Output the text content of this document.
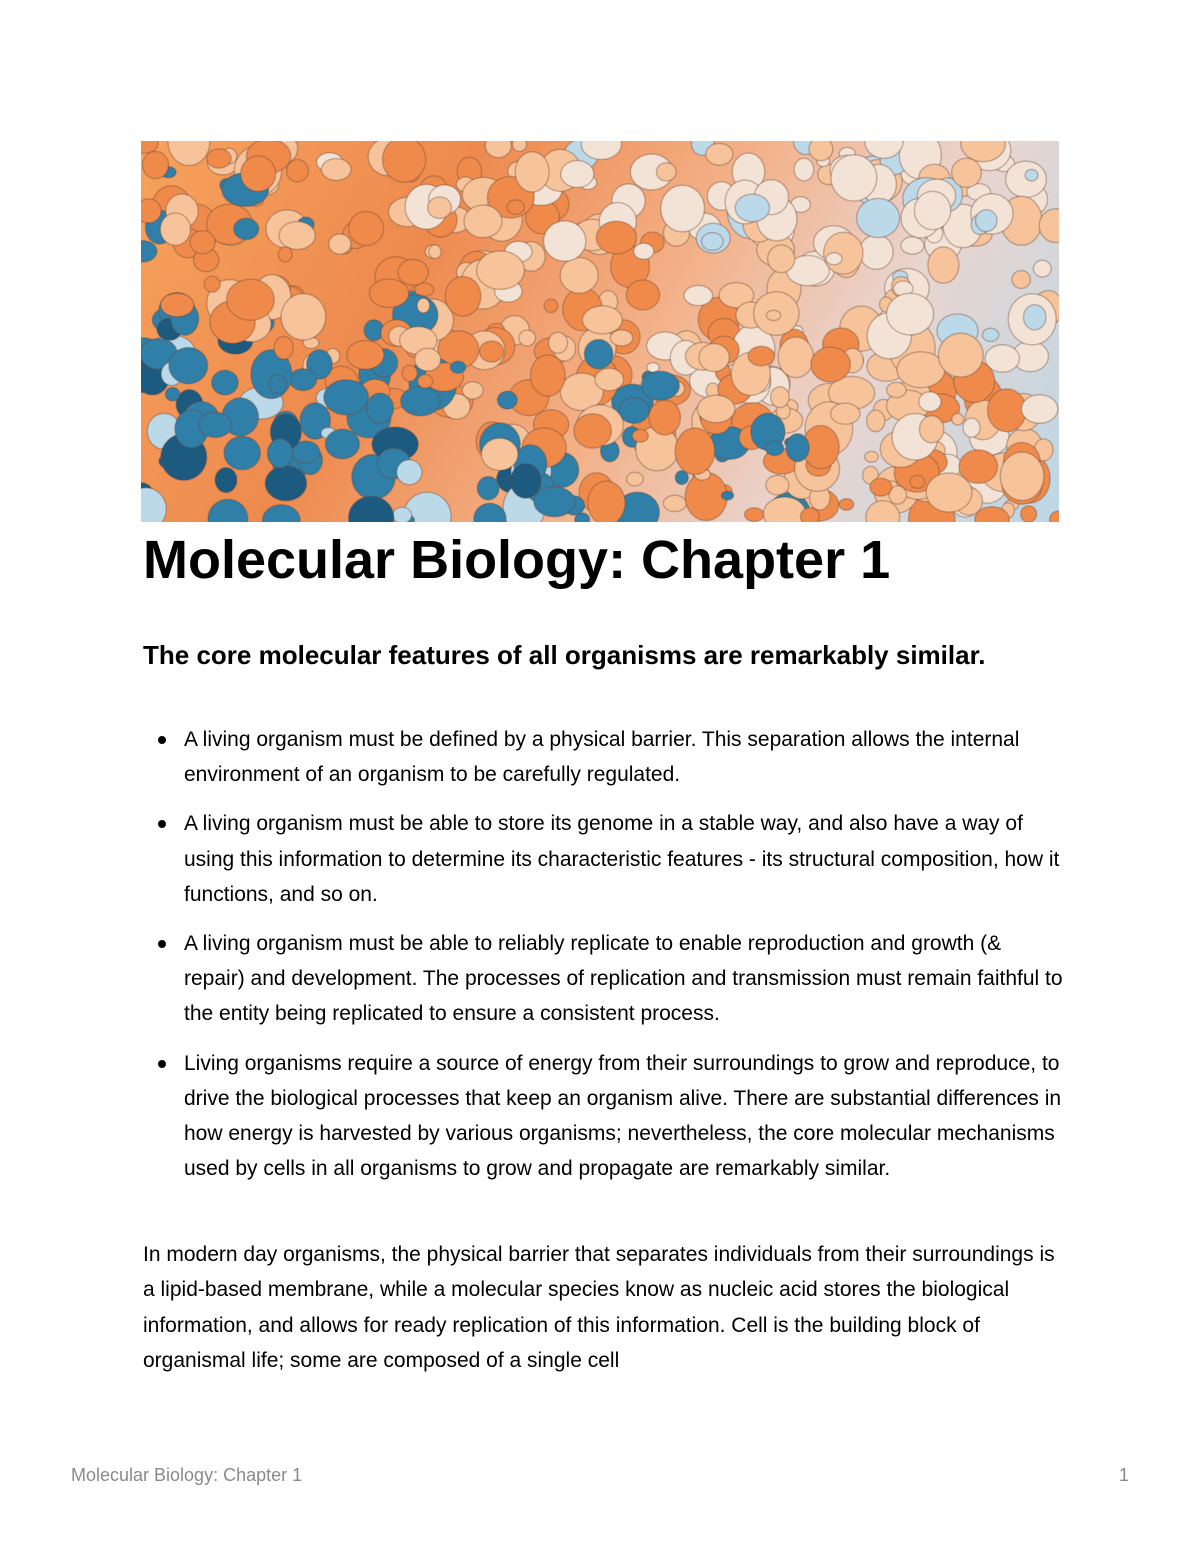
Molecular Biology: Chapter 1
The core molecular features of all organisms are remarkably similar.
A living organism must be defined by a physical barrier. This separation allows the internal environment of an organism to be carefully regulated.
A living organism must be able to store its genome in a stable way, and also have a way of using this information to determine its characteristic features - its structural composition, how it functions, and so on.
A living organism must be able to reliably replicate to enable reproduction and growth (& repair) and development. The processes of replication and transmission must remain faithful to the entity being replicated to ensure a consistent process.
Living organisms require a source of energy from their surroundings to grow and reproduce, to drive the biological processes that keep an organism alive. There are substantial differences in how energy is harvested by various organisms; nevertheless, the core molecular mechanisms used by cells in all organisms to grow and propagate are remarkably similar.

In modern day organisms, the physical barrier that separates individuals from their surroundings is a lipid-based membrane, while a molecular species know as nucleic acid stores the biological information, and allows for ready replication of this information. Cell is the building block of organismal life; some are composed of a single cell

Molecular Biology: Chapter 1	1
